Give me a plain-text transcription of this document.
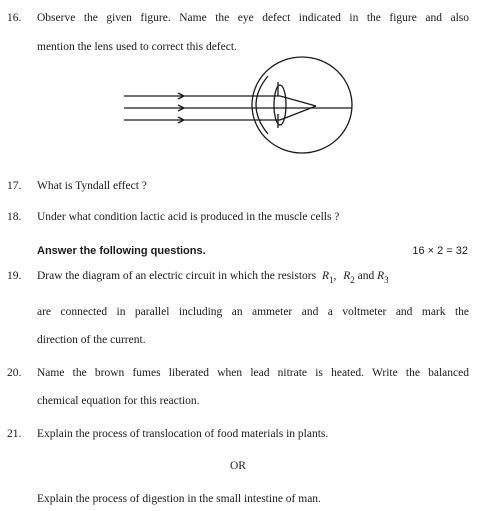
16. Observe the given figure. Name the eye defect indicated in the figure and also
mention the lens used to correct this defect.
17. What is Tyndall effect ?
18. Under what condition lactic acid is produced in the muscle cells ?
Answer the following questions.	16 × 2 = 32
19. Draw the diagram of an electric circuit in which the resistors $R_1$, $R_2$ and $R_3$
are connected in parallel including an ammeter and a voltmeter and mark the
direction of the current.
20. Name the brown fumes liberated when lead nitrate is heated. Write the balanced
chemical equation for this reaction.
21. Explain the process of translocation of food materials in plants.
OR
Explain the process of digestion in the small intestine of man.
